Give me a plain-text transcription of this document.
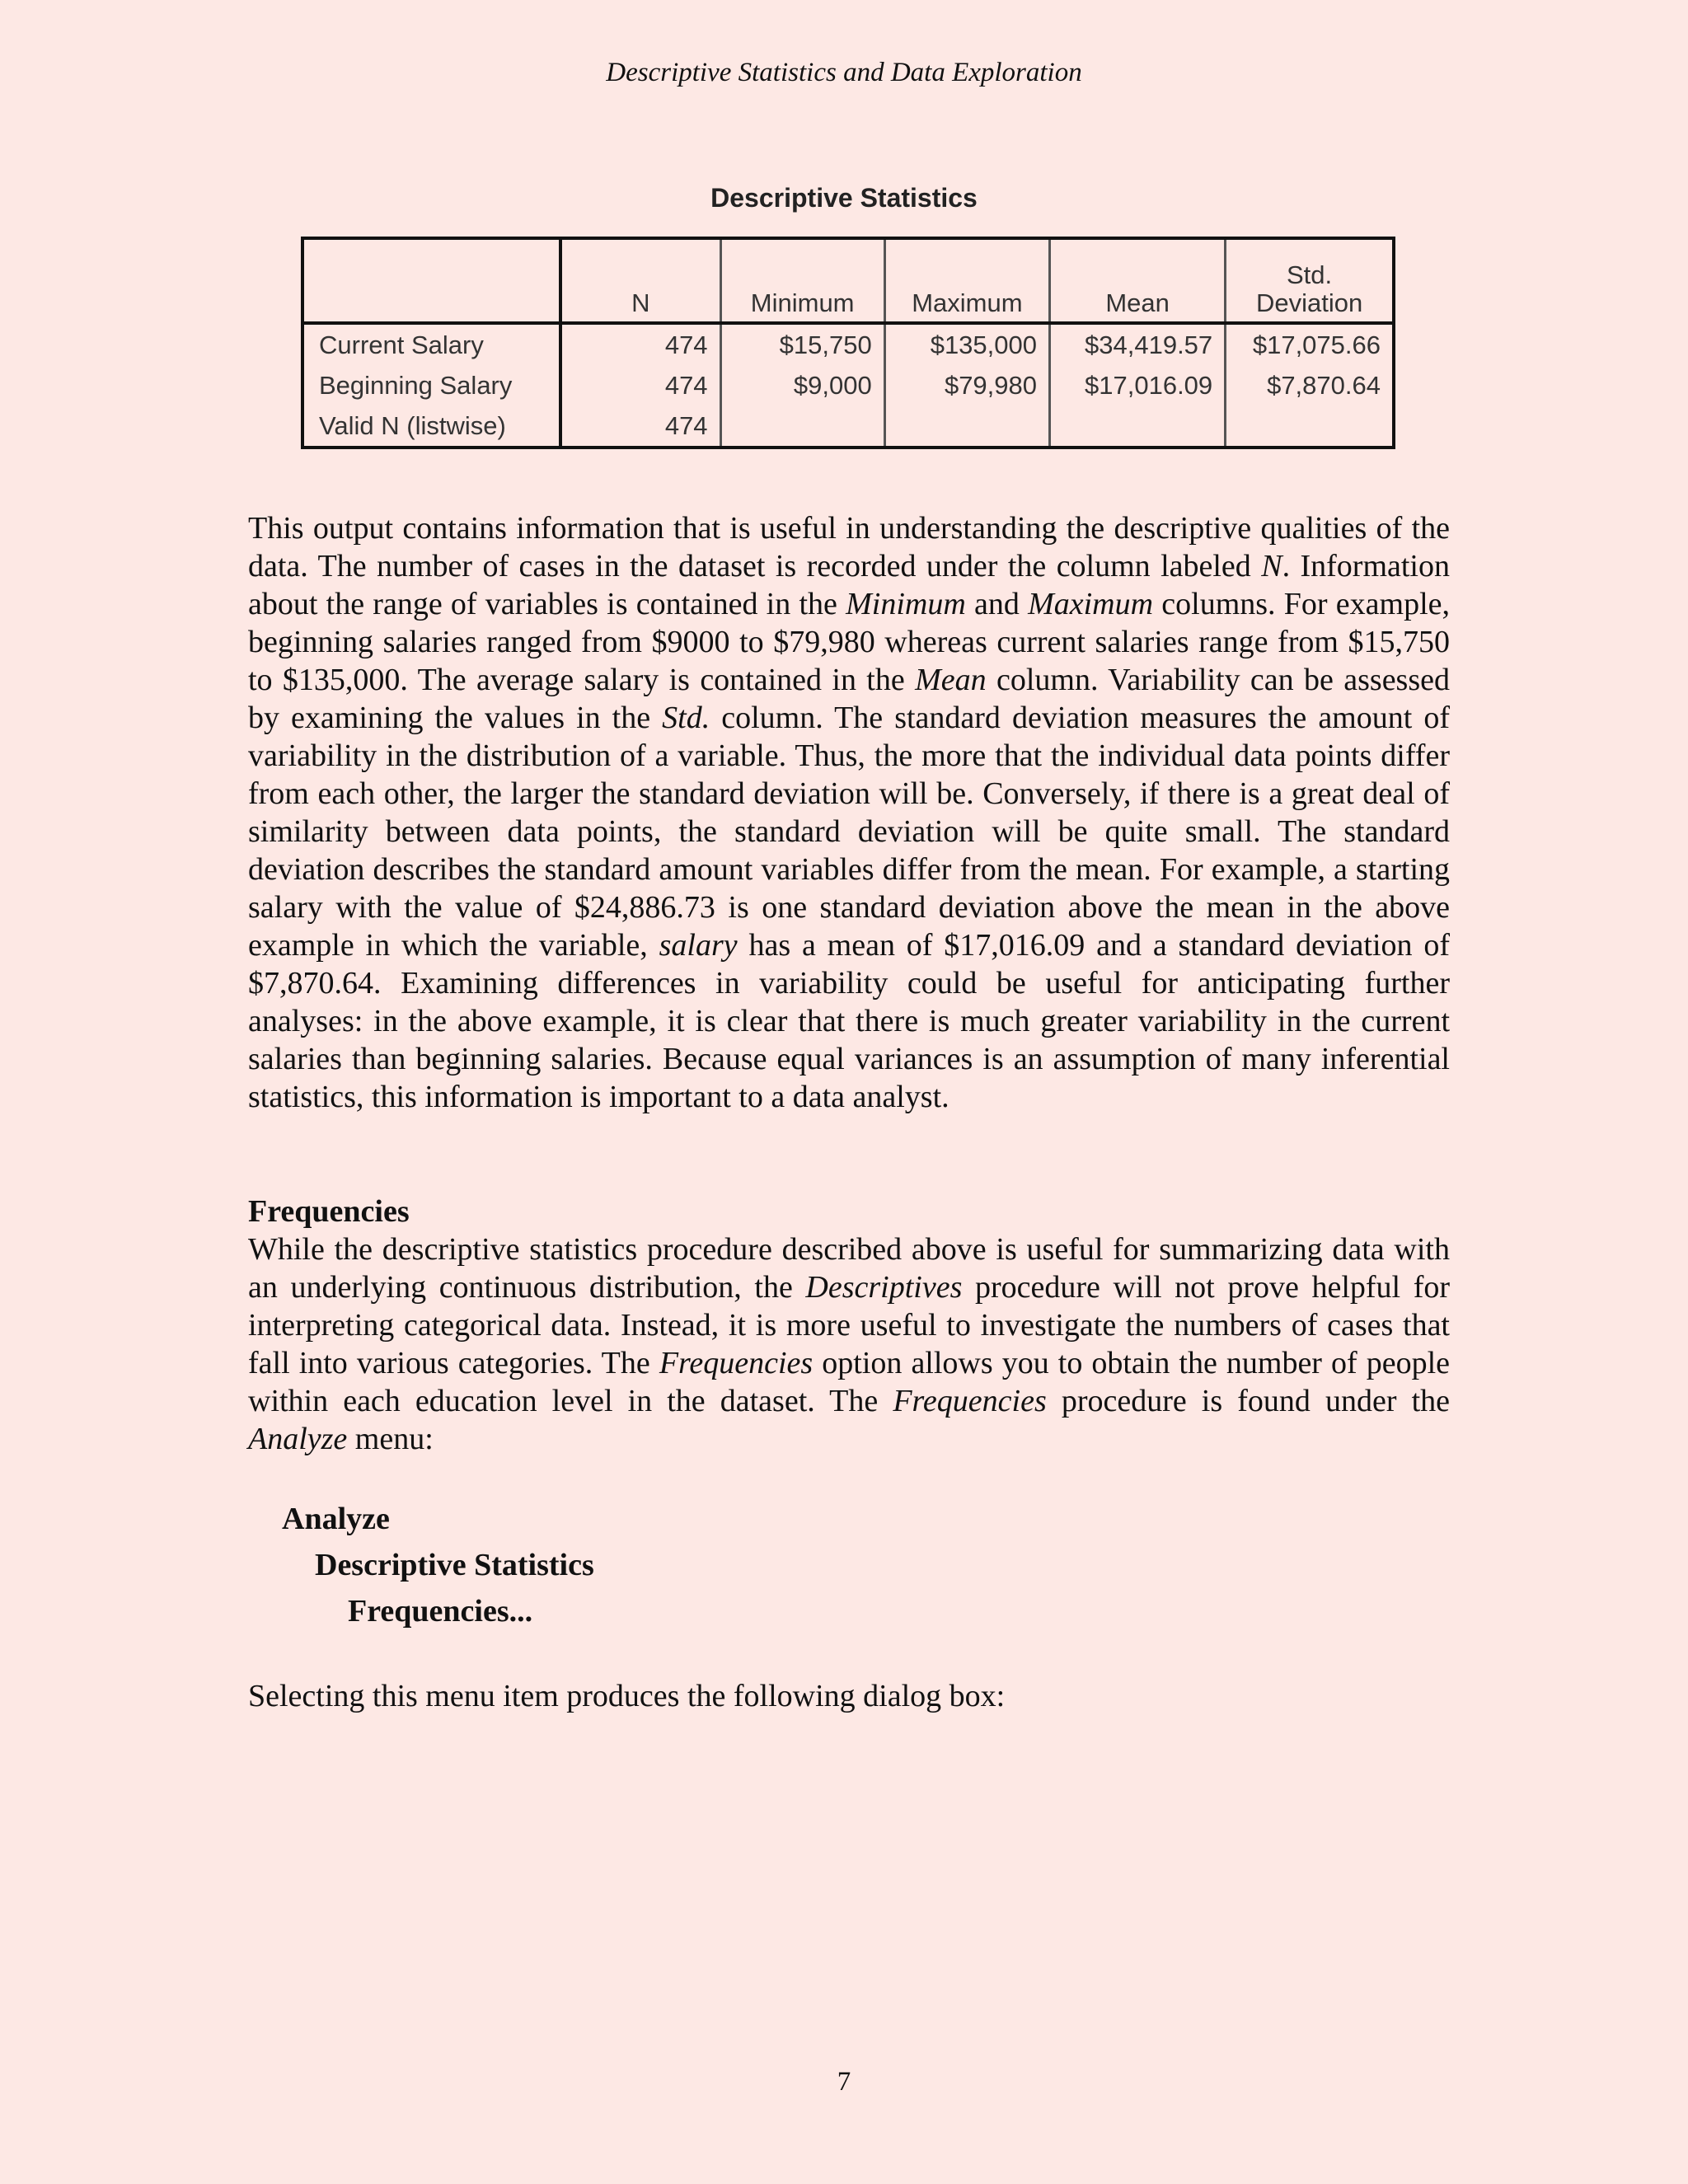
Descriptive Statistics and Data Exploration
Descriptive Statistics
	N	Minimum	Maximum	Mean	Std.
Deviation
Current Salary	474	$15,750	$135,000	$34,419.57	$17,075.66
Beginning Salary	474	$9,000	$79,980	$17,016.09	$7,870.64
Valid N (listwise)	474				

This output contains information that is useful in understanding the descriptive qualities of the data. The number of cases in the dataset is recorded under the column labeled N. Information about the range of variables is contained in the Minimum and Maximum columns. For example, beginning salaries ranged from $9000 to $79,980 whereas current salaries range from $15,750 to $135,000. The average salary is contained in the Mean column. Variability can be assessed by examining the values in the Std. column. The standard deviation measures the amount of variability in the distribution of a variable. Thus, the more that the individual data points differ from each other, the larger the standard deviation will be. Conversely, if there is a great deal of similarity between data points, the standard deviation will be quite small. The standard deviation describes the standard amount variables differ from the mean. For example, a starting salary with the value of $24,886.73 is one standard deviation above the mean in the above example in which the variable, salary has a mean of $17,016.09 and a standard deviation of $7,870.64. Examining differences in variability could be useful for anticipating further analyses: in the above example, it is clear that there is much greater variability in the current salaries than beginning salaries. Because equal variances is an assumption of many inferential statistics, this information is important to a data analyst.

Frequencies

While the descriptive statistics procedure described above is useful for summarizing data with an underlying continuous distribution, the Descriptives procedure will not prove helpful for interpreting categorical data. Instead, it is more useful to investigate the numbers of cases that fall into various categories. The Frequencies option allows you to obtain the number of people within each education level in the dataset. The Frequencies procedure is found under the Analyze menu:

Analyze
Descriptive Statistics
Frequencies...

Selecting this menu item produces the following dialog box:

7
